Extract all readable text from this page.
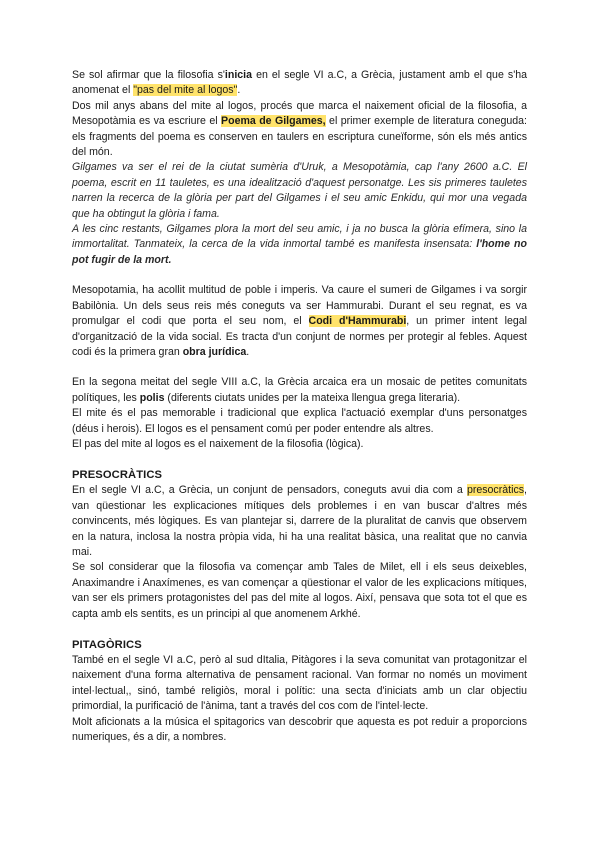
Se sol afirmar que la filosofia s'inicia en el segle VI a.C, a Grècia, justament amb el que s'ha anomenat el "pas del mite al logos".

Dos mil anys abans del mite al logos, procés que marca el naixement oficial de la filosofia, a Mesopotàmia es va escriure el Poema de Gilgames, el primer exemple de literatura coneguda: els fragments del poema es conserven en taulers en escriptura cuneïforme, són els més antics del món.

Gilgames va ser el rei de la ciutat sumèria d'Uruk, a Mesopotàmia, cap l'any 2600 a.C. El poema, escrit en 11 tauletes, es una idealització d'aquest personatge. Les sis primeres tauletes narren la recerca de la glòria per part del Gilgames i el seu amic Enkidu, qui mor una vegada que ha obtingut la glòria i fama.

A les cinc restants, Gilgames plora la mort del seu amic, i ja no busca la glòria efímera, sino la immortalitat. Tanmateix, la cerca de la vida inmortal també es manifesta insensata: l'home no pot fugir de la mort.

Mesopotamia, ha acollit multitud de poble i imperis. Va caure el sumeri de Gilgames i va sorgir Babilònia. Un dels seus reis més coneguts va ser Hammurabi. Durant el seu regnat, es va promulgar el codi que porta el seu nom, el Codi d'Hammurabi, un primer intent legal d'organització de la vida social. Es tracta d'un conjunt de normes per protegir al febles. Aquest codi és la primera gran obra jurídica.

En la segona meitat del segle VIII a.C, la Grècia arcaica era un mosaic de petites comunitats polítiques, les polis (diferents ciutats unides per la mateixa llengua grega literaria).

El mite és el pas memorable i tradicional que explica l'actuació exemplar d'uns personatges (déus i herois). El logos es el pensament comú per poder entendre als altres.

El pas del mite al logos es el naixement de la filosofia (lògica).

PRESOCRÀTICS

En el segle VI a.C, a Grècia, un conjunt de pensadors, coneguts avui dia com a presocràtics, van qüestionar les explicaciones mítiques dels problemes i en van buscar d'altres més convincents, més lògiques. Es van plantejar si, darrere de la pluralitat de canvis que observem en la natura, inclosa la nostra pròpia vida, hi ha una realitat bàsica, una realitat que no canvia mai.

Se sol considerar que la filosofia va començar amb Tales de Milet, ell i els seus deixebles, Anaximandre i Anaxímenes, es van començar a qüestionar el valor de les explicacions mítiques, van ser els primers protagonistes del pas del mite al logos. Així, pensava que sota tot el que es capta amb els sentits, es un principi al que anomenem Arkhé.

PITAGÒRICS

També en el segle VI a.C, però al sud dItalia, Pitàgores i la seva comunitat van protagonitzar el naixement d'una forma alternativa de pensament racional. Van formar no només un moviment intel·lectual,, sinó, també religiòs, moral i polític: una secta d'iniciats amb un clar objectiu primordial, la purificació de l'ànima, tant a través del cos com de l'intel·lecte.

Molt aficionats a la música el spitagorics van descobrir que aquesta es pot reduir a proporcions numeriques, és a dir, a nombres.
